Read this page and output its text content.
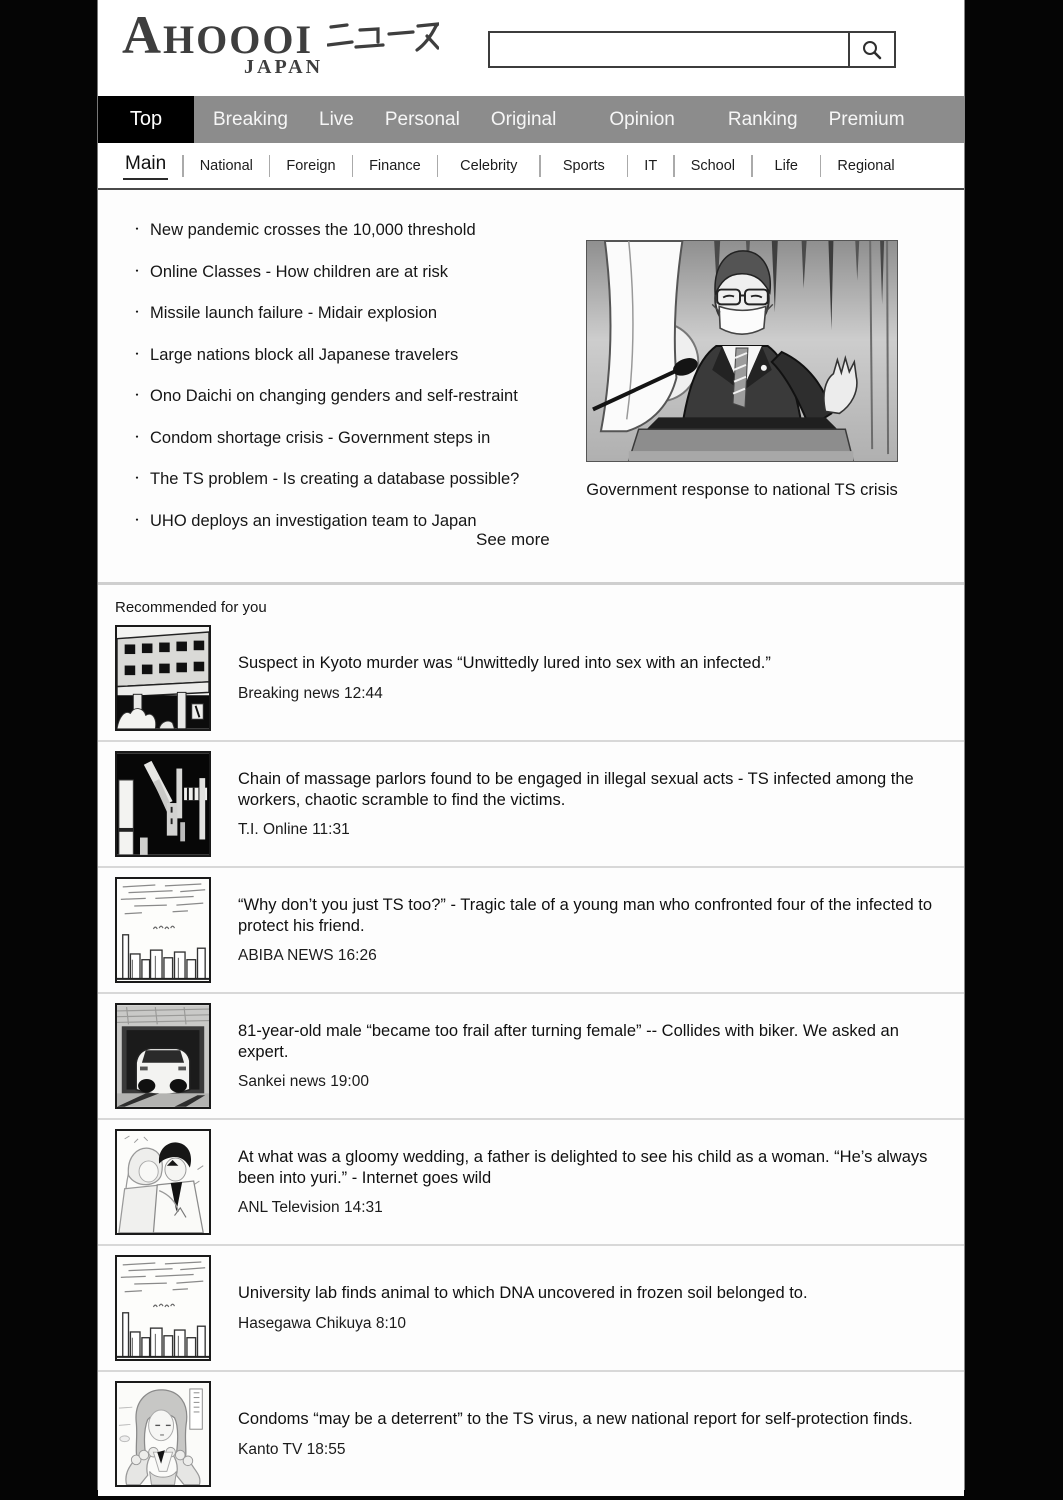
AHOOOI
JAPAN
Top	Breaking Live Personal Original	Opinion	Ranking Premium
Main	National	Foreign	Finance	Celebrity	Sports	IT	School	Life	Regional
・ New pandemic crosses the 10,000 threshold
・ Online Classes - How children are at risk
・ Missile launch failure - Midair explosion
・ Large nations block all Japanese travelers
・ Ono Daichi on changing genders and self-restraint
・ Condom shortage crisis - Government steps in
・ The TS problem - Is creating a database possible?
・ UHO deploys an investigation team to Japan
See more
Government response to national TS crisis
Recommended for you

Suspect in Kyoto murder was “Unwittedly lured into sex with an infected.”

Breaking news 12:44

Chain of massage parlors found to be engaged in illegal sexual acts - TS infected among the workers, chaotic scramble to find the victims.

T.I. Online 11:31

“Why don’t you just TS too?” - Tragic tale of a young man who confronted four of the infected to protect his friend.

ABIBA NEWS 16:26

81-year-old male “became too frail after turning female” -- Collides with biker. We asked an expert.

Sankei news 19:00

At what was a gloomy wedding, a father is delighted to see his child as a woman. “He’s always been into yuri.” - Internet goes wild

ANL Television 14:31

University lab finds animal to which DNA uncovered in frozen soil belonged to.

Hasegawa Chikuya 8:10

Condoms “may be a deterrent” to the TS virus, a new national report for self-protection finds.

Kanto TV 18:55
